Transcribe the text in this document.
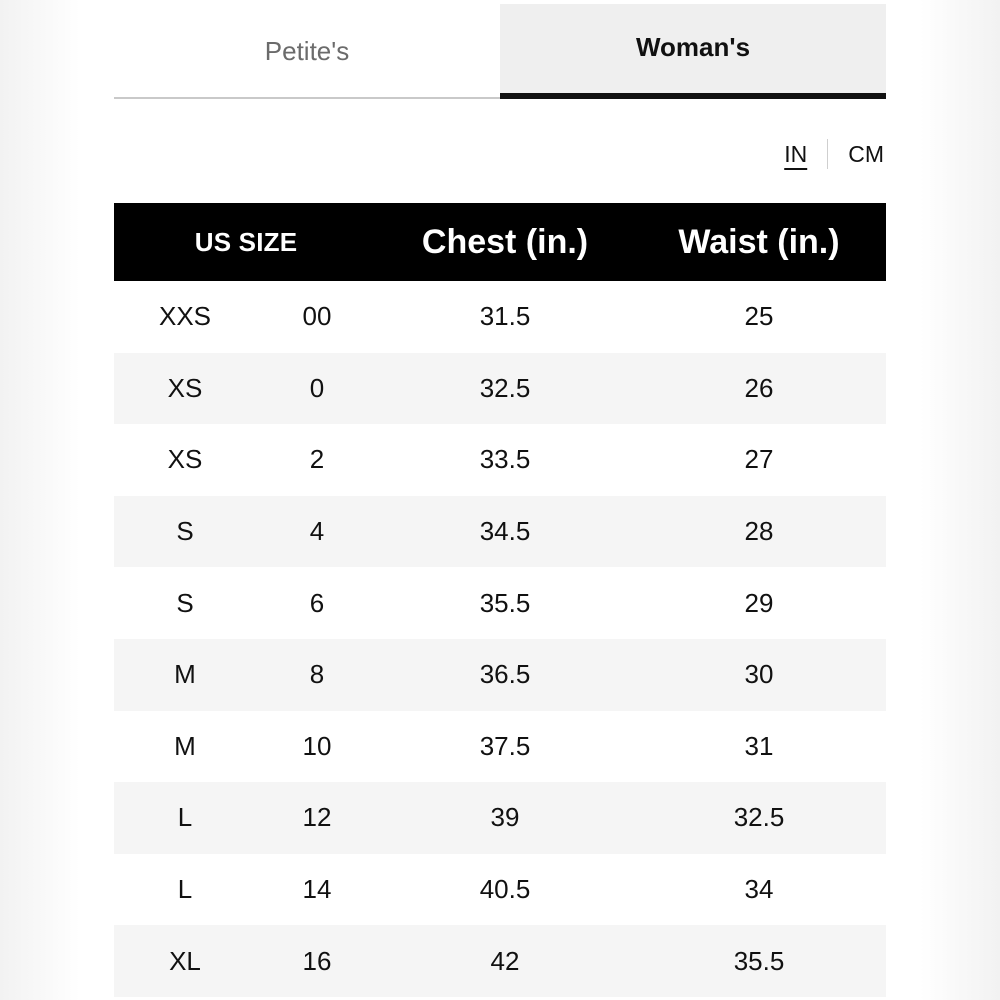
Petite's	Woman's
IN CM
US SIZE		Chest (in.)	Waist (in.)
XXS	00	31.5	25
XS	0	32.5	26
XS	2	33.5	27
S	4	34.5	28
S	6	35.5	29
M	8	36.5	30
M	10	37.5	31
L	12	39	32.5
L	14	40.5	34
XL	16	42	35.5
